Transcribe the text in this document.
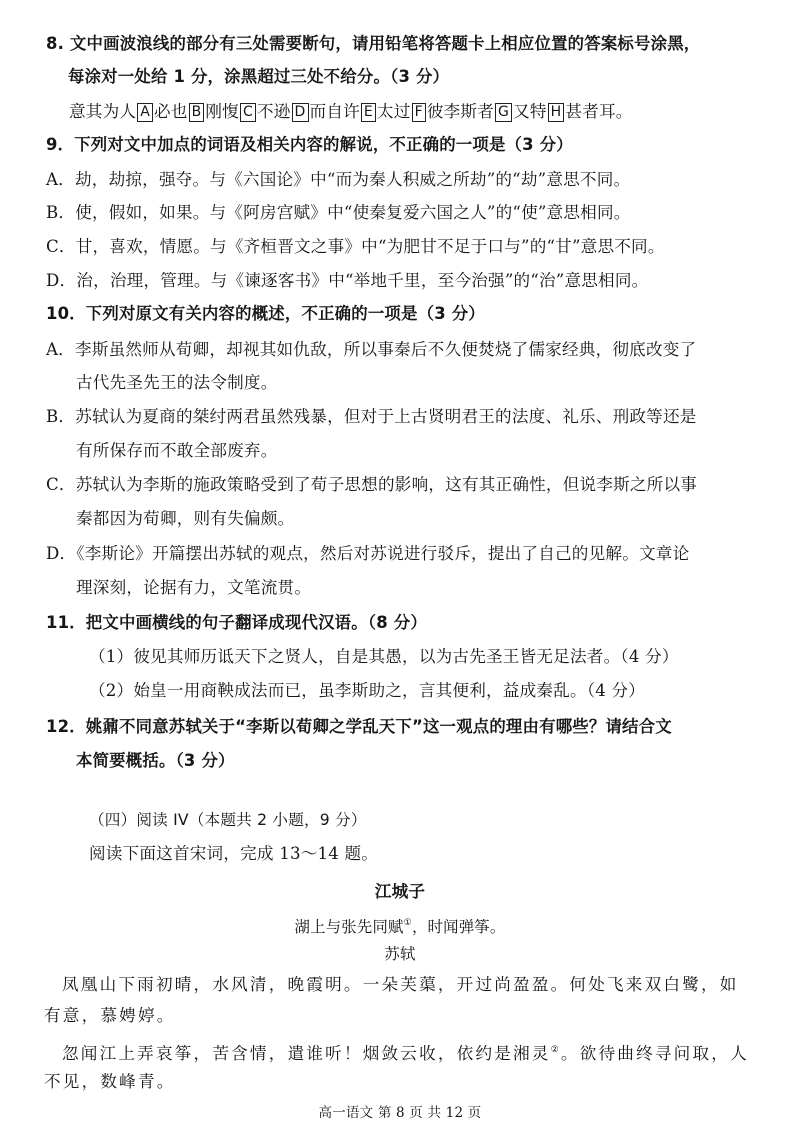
8. 文中画波浪线的部分有三处需要断句，请用铅笔将答题卡上相应位置的答案标号涂黑，
每涂对一处给 1 分，涂黑超过三处不给分。（3 分）
意其为人 A 必也 B 刚愎 C 不逊 D 而自许 E 太过 F 彼李斯者 G 又特 H 甚者耳。
9．下列对文中加点的词语及相关内容的解说，不正确的一项是（3 分）
A．劫，劫掠，强夺。与《六国论》中“而为秦人积威之所劫”的“劫”意思不同。
B．使，假如，如果。与《阿房宫赋》中“使秦复爱六国之人”的“使”意思相同。
C．甘，喜欢，情愿。与《齐桓晋文之事》中“为肥甘不足于口与”的“甘”意思不同。
D．治，治理，管理。与《谏逐客书》中“举地千里，至今治强”的“治”意思相同。
10．下列对原文有关内容的概述，不正确的一项是（3 分）
A．李斯虽然师从荀卿，却视其如仇敌，所以事秦后不久便焚烧了儒家经典，彻底改变了
古代先圣先王的法令制度。
B．苏轼认为夏商的桀纣两君虽然残暴，但对于上古贤明君王的法度、礼乐、刑政等还是
有所保存而不敢全部废弃。
C．苏轼认为李斯的施政策略受到了荀子思想的影响，这有其正确性，但说李斯之所以事
秦都因为荀卿，则有失偏颇。
D．《李斯论》开篇摆出苏轼的观点，然后对苏说进行驳斥，提出了自己的见解。文章论
理深刻，论据有力，文笔流贯。
11．把文中画横线的句子翻译成现代汉语。（8 分）
（1）彼见其师历诋天下之贤人，自是其愚，以为古先圣王皆无足法者。（4 分）
（2）始皇一用商鞅成法而已，虽李斯助之，言其便利，益成秦乱。（4 分）
12．姚鼐不同意苏轼关于“李斯以荀卿之学乱天下”这一观点的理由有哪些？请结合文
本简要概括。（3 分）
（四）阅读 IV（本题共 2 小题，9 分）
阅读下面这首宋词，完成 13～14 题。
江城子
湖上与张先同赋①，时闻弹筝。
苏轼
凤凰山下雨初晴，水风清，晚霞明。一朵芙蕖，开过尚盈盈。何处飞来双白鹭，如
有意，慕娉婷。
忽闻江上弄哀筝，苦含情，遣谁听！烟敛云收，依约是湘灵②。欲待曲终寻问取，人
不见，数峰青。
高一语文 第 8 页 共 12 页
